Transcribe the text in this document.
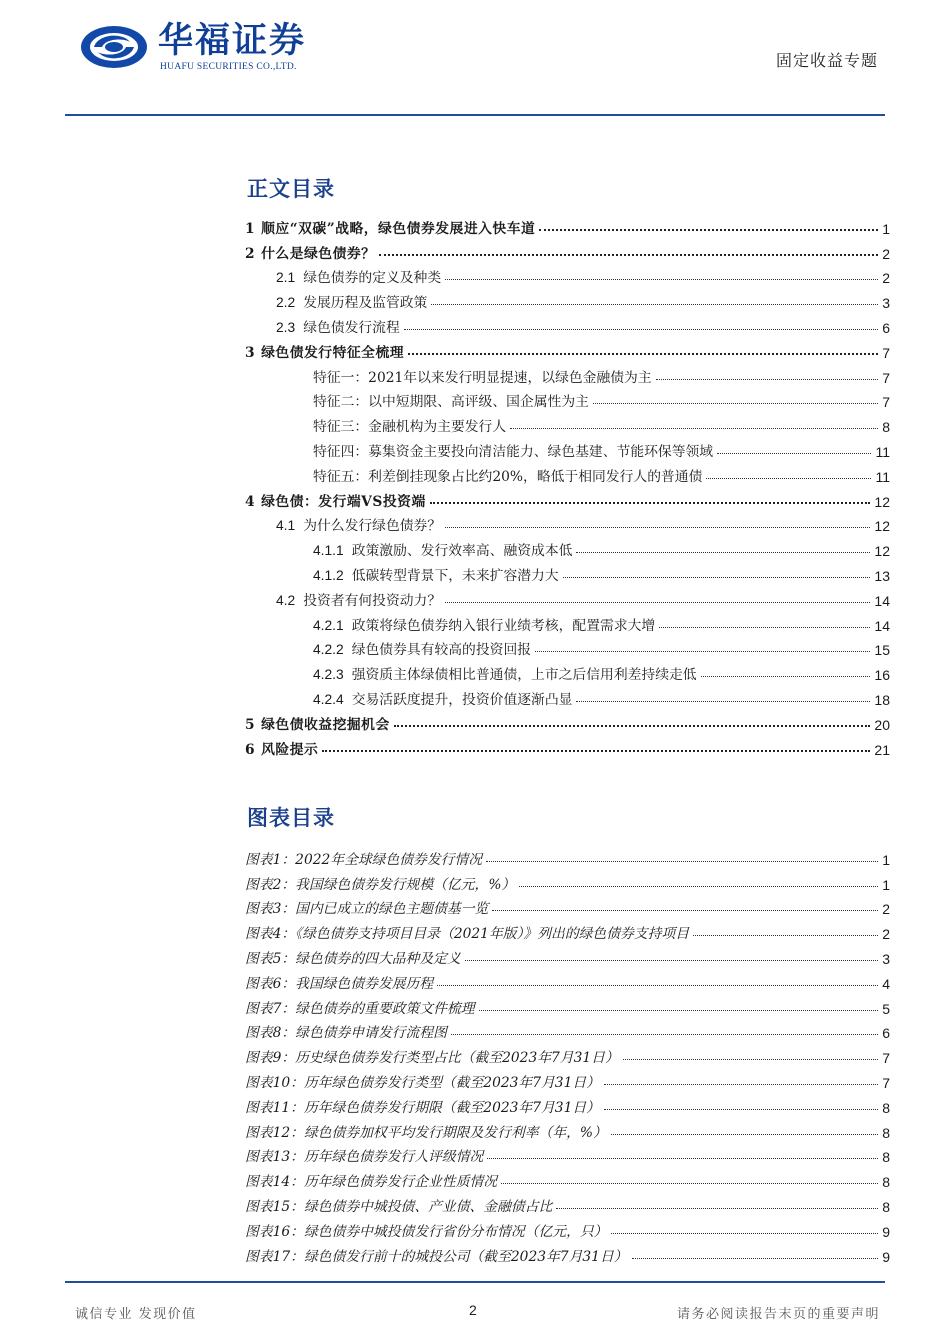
华福证券
HUAFU SECURITIES CO.,LTD.	固定收益专题
正文目录
1 顺应“双碳”战略，绿色债券发展进入快车道	1
2 什么是绿色债券？	2
2.1 绿色债券的定义及种类	2
2.2 发展历程及监管政策	3
2.3 绿色债发行流程	6
3 绿色债发行特征全梳理	7
特征一：2021年以来发行明显提速，以绿色金融债为主	7
特征二：以中短期限、高评级、国企属性为主	7
特征三：金融机构为主要发行人	8
特征四：募集资金主要投向清洁能力、绿色基建、节能环保等领域	11
特征五：利差倒挂现象占比约20%，略低于相同发行人的普通债	11
4 绿色债：发行端VS投资端	12
4.1 为什么发行绿色债券？	12
4.1.1 政策激励、发行效率高、融资成本低	12
4.1.2 低碳转型背景下，未来扩容潜力大	13
4.2 投资者有何投资动力？	14
4.2.1 政策将绿色债券纳入银行业绩考核，配置需求大增	14
4.2.2 绿色债券具有较高的投资回报	15
4.2.3 强资质主体绿债相比普通债，上市之后信用利差持续走低	16
4.2.4 交易活跃度提升，投资价值逐渐凸显	18
5 绿色债收益挖掘机会	20
6 风险提示	21
图表目录
图表1：2022年全球绿色债券发行情况	1
图表2：我国绿色债券发行规模（亿元，%）	1
图表3：国内已成立的绿色主题债基一览	2
图表4：《绿色债券支持项目目录（2021年版）》列出的绿色债券支持项目	2
图表5：绿色债券的四大品种及定义	3
图表6：我国绿色债券发展历程	4
图表7：绿色债券的重要政策文件梳理	5
图表8：绿色债券申请发行流程图	6
图表9：历史绿色债券发行类型占比（截至2023年7月31日）	7
图表10：历年绿色债券发行类型（截至2023年7月31日）	7
图表11：历年绿色债券发行期限（截至2023年7月31日）	8
图表12：绿色债券加权平均发行期限及发行利率（年，%）	8
图表13：历年绿色债券发行人评级情况	8
图表14：历年绿色债券发行企业性质情况	8
图表15：绿色债券中城投债、产业债、金融债占比	8
图表16：绿色债券中城投债发行省份分布情况（亿元，只）	9
图表17：绿色债发行前十的城投公司（截至2023年7月31日）	9
诚信专业 发现价值	2	请务必阅读报告末页的重要声明
